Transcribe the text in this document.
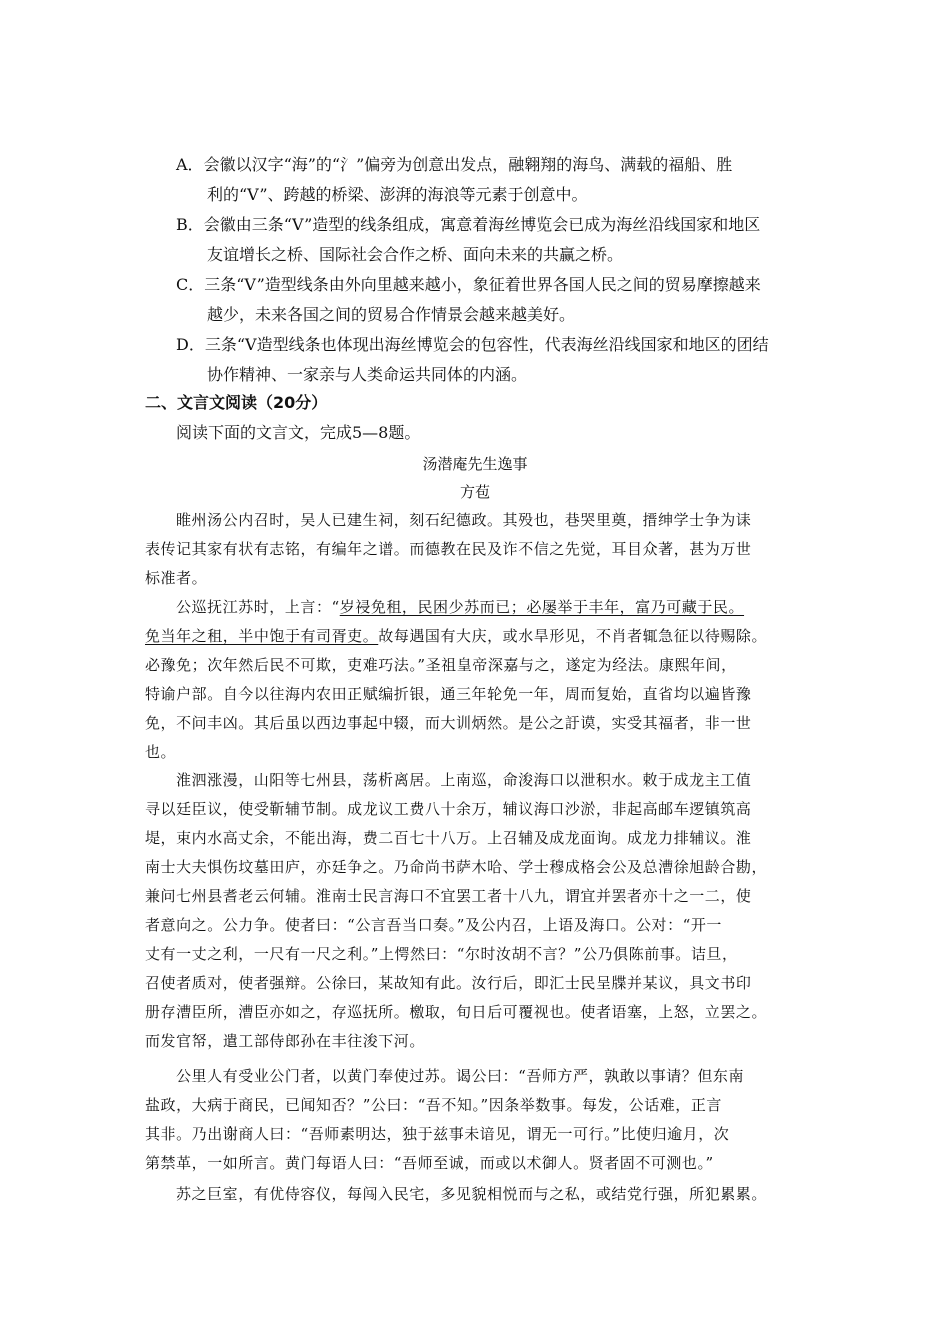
A．会徽以汉字“海”的“氵”偏旁为创意出发点，融翱翔的海鸟、满载的福船、胜
利的“V”、跨越的桥梁、澎湃的海浪等元素于创意中。
B．会徽由三条“V”造型的线条组成，寓意着海丝博览会已成为海丝沿线国家和地区
友谊增长之桥、国际社会合作之桥、面向未来的共赢之桥。
C．三条“V”造型线条由外向里越来越小，象征着世界各国人民之间的贸易摩擦越来
越少，未来各国之间的贸易合作情景会越来越美好。
D．三条“V造型线条也体现出海丝博览会的包容性，代表海丝沿线国家和地区的团结
协作精神、一家亲与人类命运共同体的内涵。
二、文言文阅读（20分）
阅读下面的文言文，完成5—8题。
汤潜庵先生逸事
方苞
睢州汤公内召时，吴人已建生祠，刻石纪德政。其殁也，巷哭里奠，搢绅学士争为诔
表传记其家有状有志铭，有编年之谱。而德教在民及诈不信之先觉，耳目众著，甚为万世
标准者。
公巡抚江苏时，上言：“岁祲免租，民困少苏而已；必屡举于丰年，富乃可藏于民。
免当年之租，半中饱于有司胥吏。故每遇国有大庆，或水旱形见，不肖者辄急征以待赐除。
必豫免；次年然后民不可欺，吏难巧法。”圣祖皇帝深嘉与之，遂定为经法。康熙年间，
特谕户部。自今以往海内农田正赋编折银，通三年轮免一年，周而复始，直省均以遍皆豫
免，不问丰凶。其后虽以西边事起中辍，而大训炳然。是公之訏谟，实受其福者，非一世
也。
淮泗涨漫，山阳等七州县，荡析离居。上南巡，命浚海口以泄积水。敕于成龙主工值
寻以廷臣议，使受靳辅节制。成龙议工费八十余万，辅议海口沙淤，非起高邮车逻镇筑高
堤，束内水高丈余，不能出海，费二百七十八万。上召辅及成龙面询。成龙力排辅议。淮
南士大夫惧伤坟墓田庐，亦廷争之。乃命尚书萨木哈、学士穆成格会公及总漕徐旭龄合勘，
兼问七州县耆老云何辅。淮南士民言海口不宜罢工者十八九，谓宜并罢者亦十之一二，使
者意向之。公力争。使者曰：“公言吾当口奏。”及公内召，上语及海口。公对：“开一
丈有一丈之利，一尺有一尺之利。”上愕然曰：“尔时汝胡不言？”公乃俱陈前事。诘旦，
召使者质对，使者强辩。公徐曰，某故知有此。汝行后，即汇士民呈牒并某议，具文书印
册存漕臣所，漕臣亦如之，存巡抚所。檄取，旬日后可覆视也。使者语塞，上怒，立罢之。
而发官帑，遣工部侍郎孙在丰往浚下河。
公里人有受业公门者，以黄门奉使过苏。谒公曰：“吾师方严，孰敢以事请？但东南
盐政，大病于商民，已闻知否？”公曰：“吾不知。”因条举数事。每发，公话难，正言
其非。乃出谢商人曰：“吾师素明达，独于兹事未谙见，谓无一可行。”比使归逾月，次
第禁革，一如所言。黄门每语人曰：“吾师至诚，而或以术御人。贤者固不可测也。”
苏之巨室，有优侍容仪，每闯入民宅，多见貌相悦而与之私，或结党行强，所犯累累。
